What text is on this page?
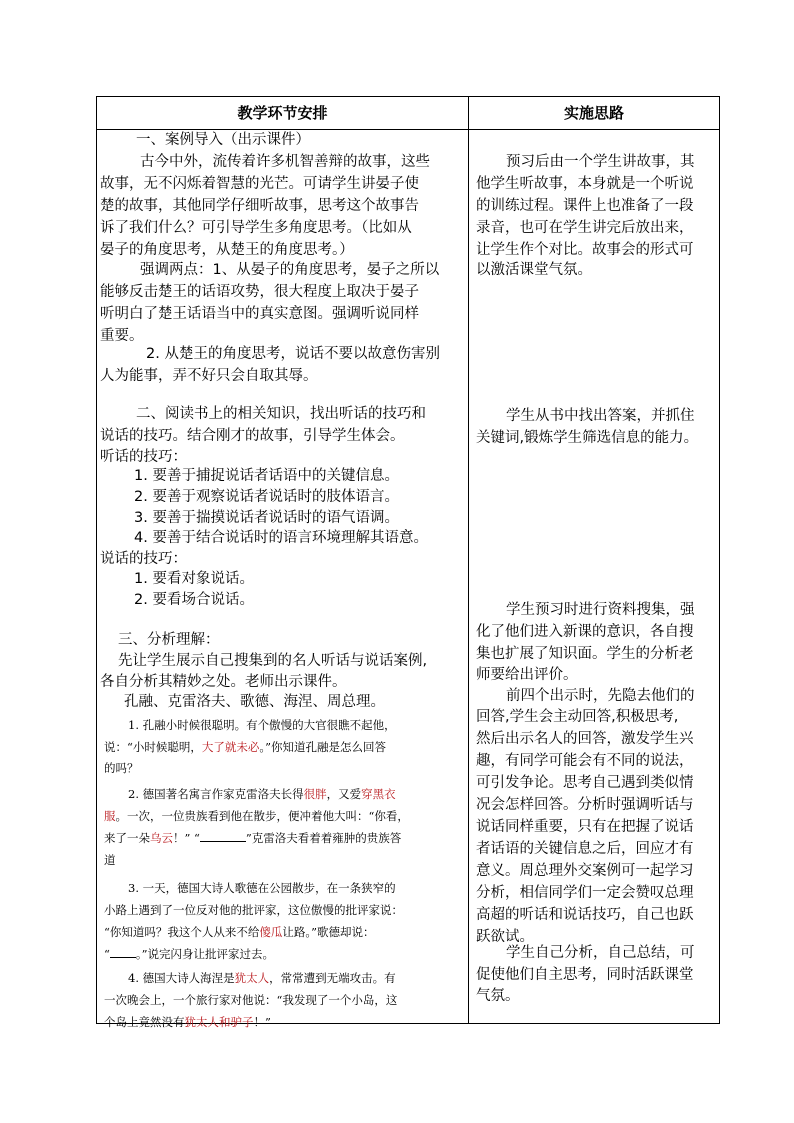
教学环节安排	实施思路
一、案例导入（出示课件）
古今中外，流传着许多机智善辩的故事，这些
故事，无不闪烁着智慧的光芒。可请学生讲晏子使
楚的故事，其他同学仔细听故事，思考这个故事告
诉了我们什么？可引导学生多角度思考。（比如从
晏子的角度思考，从楚王的角度思考。）
强调两点：1、从晏子的角度思考，晏子之所以
能够反击楚王的话语攻势，很大程度上取决于晏子
听明白了楚王话语当中的真实意图。强调听说同样
重要。
2. 从楚王的角度思考，说话不要以故意伤害别
人为能事，弄不好只会自取其辱。
二、阅读书上的相关知识，找出听话的技巧和
说话的技巧。结合刚才的故事，引导学生体会。
听话的技巧：
1. 要善于捕捉说话者话语中的关键信息。
2. 要善于观察说话者说话时的肢体语言。
3. 要善于揣摸说话者说话时的语气语调。
4. 要善于结合说话时的语言环境理解其语意。
说话的技巧：
1. 要看对象说话。
2. 要看场合说话。
三、分析理解：
先让学生展示自己搜集到的名人听话与说话案例,
各自分析其精妙之处。老师出示课件。
孔融、克雷洛夫、歌德、海涅、周总理。
1. 孔融小时候很聪明。有个傲慢的大官很瞧不起他，
说：“小时候聪明，大了就未必。”你知道孔融是怎么回答
的吗？
2. 德国著名寓言作家克雷洛夫长得很胖，又爱穿黑衣
服。一次，一位贵族看到他在散步，便冲着他大叫：“你看，
来了一朵乌云！” “	”克雷洛夫看着着雍肿的贵族答
道
3. 一天，德国大诗人歌德在公园散步，在一条狭窄的
小路上遇到了一位反对他的批评家，这位傲慢的批评家说：
“你知道吗？我这个人从来不给傻瓜让路。”歌德却说：
“ 。”说完闪身让批评家过去。
4. 德国大诗人海涅是犹太人，常常遭到无端攻击。有
一次晚会上，一个旅行家对他说：“我发现了一个小岛，这
个岛上竟然没有犹太人和驴子！”
预习后由一个学生讲故事，其
他学生听故事，本身就是一个听说
的训练过程。课件上也准备了一段
录音，也可在学生讲完后放出来，
让学生作个对比。故事会的形式可
以激活课堂气氛。
学生从书中找出答案，并抓住
关键词,锻炼学生筛选信息的能力。
学生预习时进行资料搜集，强
化了他们进入新课的意识，各自搜
集也扩展了知识面。学生的分析老
师要给出评价。
前四个出示时，先隐去他们的
回答,学生会主动回答,积极思考,
然后出示名人的回答，激发学生兴
趣，有同学可能会有不同的说法，
可引发争论。思考自己遇到类似情
况会怎样回答。分析时强调听话与
说话同样重要，只有在把握了说话
者话语的关键信息之后，回应才有
意义。周总理外交案例可一起学习
分析，相信同学们一定会赞叹总理
高超的听话和说话技巧，自己也跃
跃欲试。
学生自己分析，自己总结，可
促使他们自主思考，同时活跃课堂
气氛。
